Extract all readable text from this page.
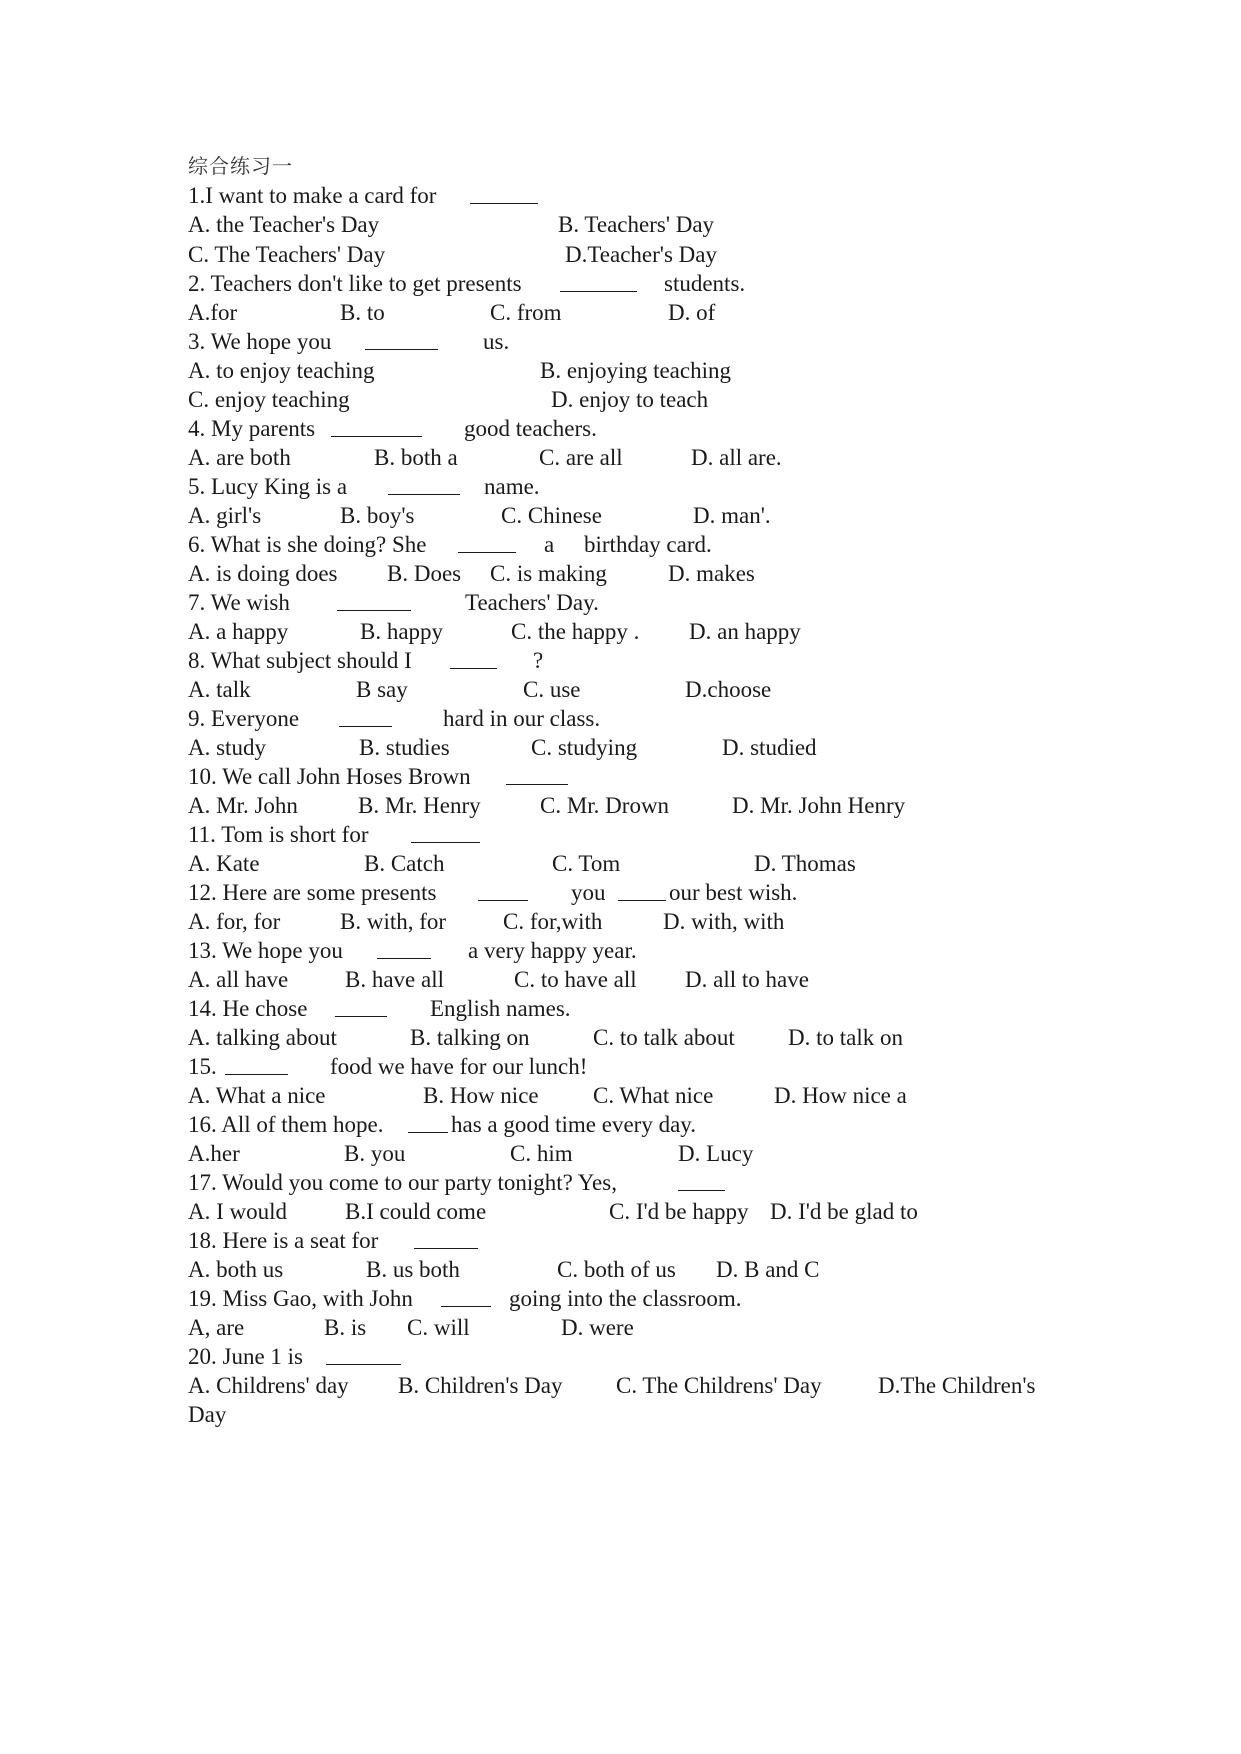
综合练习一
1.I want to make a card for
A. the Teacher's Day	B. Teachers' Day
C. The Teachers' Day	D.Teacher's Day
2. Teachers don't like to get presents	students.
A.for	B. to	C. from	D. of
3. We hope you	us.
A. to enjoy teaching	B. enjoying teaching
C. enjoy teaching	D. enjoy to teach
4. My parents	good teachers.
A. are both	B. both a	C. are all	D. all are.
5. Lucy King is a	name.
A. girl's	B. boy's	C. Chinese	D. man'.
6. What is she doing? She	a birthday card.
A. is doing does B. Does C. is making	D. makes
7. We wish	Teachers' Day.
A. a happy	B. happy	C. the happy . D. an happy
8. What subject should I	?
A. talk	B say	C. use	D.choose
9. Everyone	hard in our class.
A. study	B. studies	C. studying	D. studied
10. We call John Hoses Brown
A. Mr. John	B. Mr. Henry	C. Mr. Drown	D. Mr. John Henry
11. Tom is short for
A. Kate	B. Catch	C. Tom	D. Thomas
12. Here are some presents	you	our best wish.
A. for, for	B. with, for C. for,with	D. with, with
13. We hope you	a very happy year.
A. all have B. have all	C. to have all D. all to have
14. He chose	English names.
A. talking about	B. talking on	C. to talk about D. to talk on
15.	food we have for our lunch!
A. What a nice	B. How nice C. What nice	D. How nice a
16. All of them hope.	has a good time every day.
A.her	B. you	C. him	D. Lucy
17. Would you come to our party tonight? Yes,
A. I would	B.I could come	C. I'd be happy D. I'd be glad to
18. Here is a seat for
A. both us	B. us both	C. both of us D. B and C
19. Miss Gao, with John	going into the classroom.
A, are	B. is C. will	D. were
20. June 1 is
A. Childrens' day B. Children's Day C. The Childrens' Day D.The Children's
Day
